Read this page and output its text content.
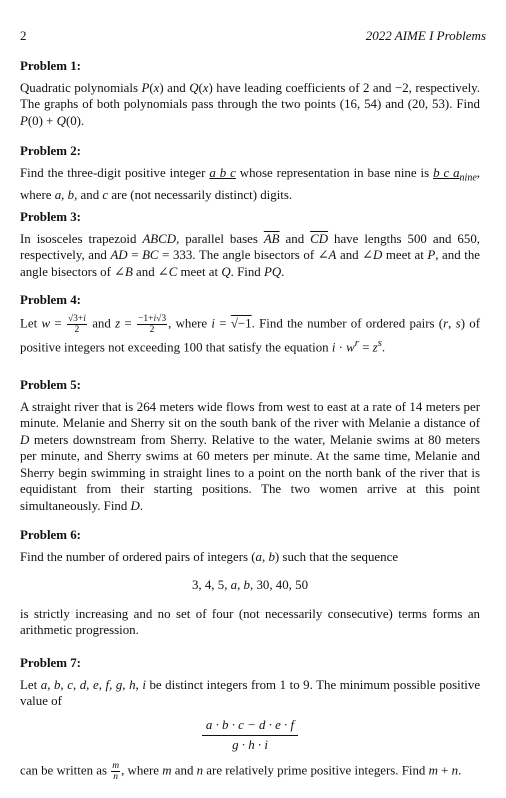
2	2022 AIME I Problems
Problem 1:
Quadratic polynomials P(x) and Q(x) have leading coefficients of 2 and −2, respectively. The graphs of both polynomials pass through the two points (16, 54) and (20, 53). Find P(0) + Q(0).
Problem 2:
Find the three-digit positive integer a b c whose representation in base nine is b c $a_{nine}$, where a, b, and c are (not necessarily distinct) digits.
Problem 3:
In isosceles trapezoid ABCD, parallel bases $\overline{AB}$ and $\overline{CD}$ have lengths 500 and 650, respectively, and AD = BC = 333. The angle bisectors of ∠A and ∠D meet at P, and the angle bisectors of ∠B and ∠C meet at Q. Find PQ.
Problem 4:
Let $w = \frac{√3+i}{2}$ and $z = \frac{-1+i√3}{2}$ , where i = √−1. Find the number of ordered pairs (r, s) of positive integers not exceeding 100 that satisfy the equation $i \cdot w^r = z^s$.
Problem 5:
A straight river that is 264 meters wide flows from west to east at a rate of 14 meters per minute. Melanie and Sherry sit on the south bank of the river with Melanie a distance of D meters downstream from Sherry. Relative to the water, Melanie swims at 80 meters per minute, and Sherry swims at 60 meters per minute. At the same time, Melanie and Sherry begin swimming in straight lines to a point on the north bank of the river that is equidistant from their starting positions. The two women arrive at this point simultaneously. Find D.
Problem 6:
Find the number of ordered pairs of integers (a, b) such that the sequence
3, 4, 5, a, b, 30, 40, 50
is strictly increasing and no set of four (not necessarily consecutive) terms forms an arithmetic progression.
Problem 7:
Let a, b, c, d, e, f, g, h, i be distinct integers from 1 to 9. The minimum possible positive value of
$\frac{a \cdot b \cdot c - d \cdot e \cdot f}{g \cdot h \cdot i}$
can be written as $\frac{m}{n}$ , where m and n are relatively prime positive integers. Find m + n.
